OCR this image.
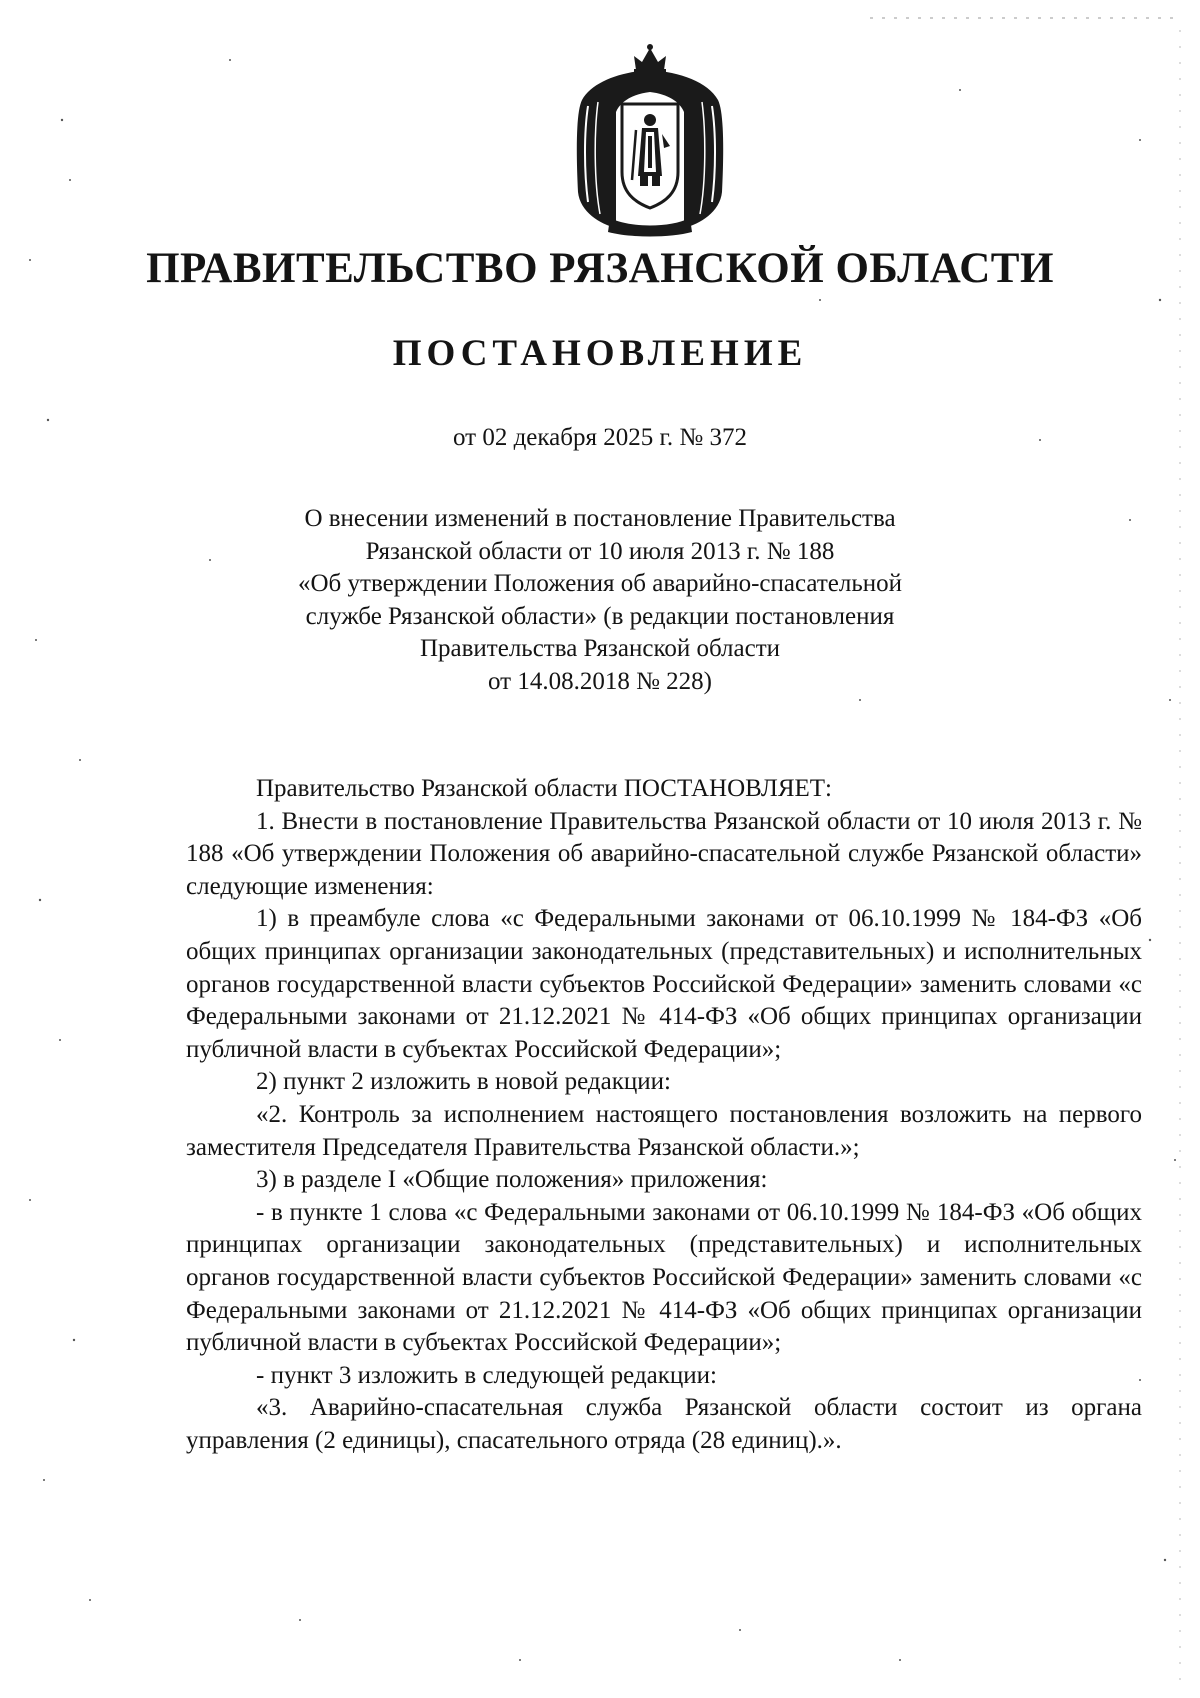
ПРАВИТЕЛЬСТВО РЯЗАНСКОЙ ОБЛАСТИ
ПОСТАНОВЛЕНИЕ
от 02 декабря 2025 г. № 372
О внесении изменений в постановление Правительства
Рязанской области от 10 июля 2013 г. № 188
«Об утверждении Положения об аварийно-спасательной
службе Рязанской области» (в редакции постановления
Правительства Рязанской области
от 14.08.2018 № 228)

Правительство Рязанской области ПОСТАНОВЛЯЕТ:

1. Внести в постановление Правительства Рязанской области от 10 июля 2013 г. № 188 «Об утверждении Положения об аварийно-спасательной службе Рязанской области» следующие изменения:

1) в преамбуле слова «с Федеральными законами от 06.10.1999 № 184-ФЗ «Об общих принципах организации законодательных (представительных) и исполнительных органов государственной власти субъектов Российской Федерации» заменить словами «с Федеральными законами от 21.12.2021 № 414-ФЗ «Об общих принципах организации публичной власти в субъектах Российской Федерации»;

2) пункт 2 изложить в новой редакции:

«2. Контроль за исполнением настоящего постановления возложить на первого заместителя Председателя Правительства Рязанской области.»;

3) в разделе I «Общие положения» приложения:

- в пункте 1 слова «с Федеральными законами от 06.10.1999 № 184-ФЗ «Об общих принципах организации законодательных (представительных) и исполнительных органов государственной власти субъектов Российской Федерации» заменить словами «с Федеральными законами от 21.12.2021 № 414-ФЗ «Об общих принципах организации публичной власти в субъектах Российской Федерации»;

- пункт 3 изложить в следующей редакции:

«3. Аварийно-спасательная служба Рязанской области состоит из органа управления (2 единицы), спасательного отряда (28 единиц).».
